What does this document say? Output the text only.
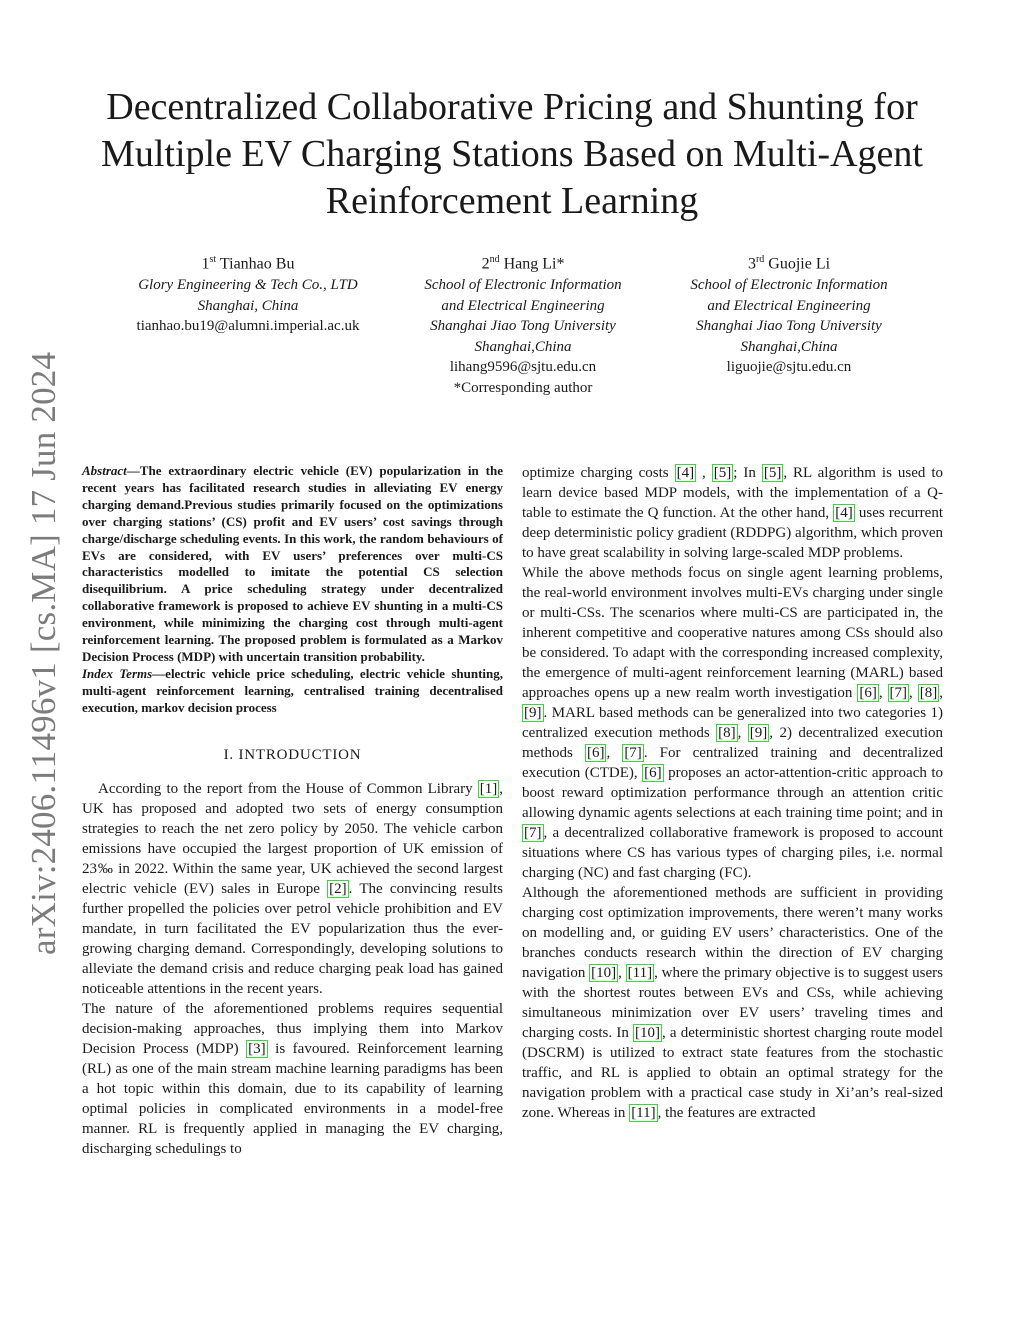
arXiv:2406.11496v1 [cs.MA] 17 Jun 2024
Decentralized Collaborative Pricing and Shunting for Multiple EV Charging Stations Based on Multi-Agent Reinforcement Learning
1st Tianhao Bu
Glory Engineering & Tech Co., LTD
Shanghai, China
tianhao.bu19@alumni.imperial.ac.uk
2nd Hang Li*
School of Electronic Information
and Electrical Engineering
Shanghai Jiao Tong University
Shanghai,China
lihang9596@sjtu.edu.cn
*Corresponding author
3rd Guojie Li
School of Electronic Information
and Electrical Engineering
Shanghai Jiao Tong University
Shanghai,China
liguojie@sjtu.edu.cn

Abstract—The extraordinary electric vehicle (EV) popularization in the recent years has facilitated research studies in alleviating EV energy charging demand.Previous studies primarily focused on the optimizations over charging stations’ (CS) profit and EV users’ cost savings through charge/discharge scheduling events. In this work, the random behaviours of EVs are considered, with EV users’ preferences over multi-CS characteristics modelled to imitate the potential CS selection disequilibrium. A price scheduling strategy under decentralized collaborative framework is proposed to achieve EV shunting in a multi-CS environment, while minimizing the charging cost through multi-agent reinforcement learning. The proposed problem is formulated as a Markov Decision Process (MDP) with uncertain transition probability.

Index Terms—electric vehicle price scheduling, electric vehicle shunting, multi-agent reinforcement learning, centralised training decentralised execution, markov decision process

I. INTRODUCTION

According to the report from the House of Common Library [1] , UK has proposed and adopted two sets of energy consumption strategies to reach the net zero policy by 2050. The vehicle carbon emissions have occupied the largest proportion of UK emission of 23‰ in 2022. Within the same year, UK achieved the second largest electric vehicle (EV) sales in Europe [2] . The convincing results further propelled the policies over petrol vehicle prohibition and EV mandate, in turn facilitated the EV popularization thus the ever-growing charging demand. Correspondingly, developing solutions to alleviate the demand crisis and reduce charging peak load has gained noticeable attentions in the recent years.

The nature of the aforementioned problems requires sequential decision-making approaches, thus implying them into Markov Decision Process (MDP) [3] is favoured. Reinforcement learning (RL) as one of the main stream machine learning paradigms has been a hot topic within this domain, due to its capability of learning optimal policies in complicated environments in a model-free manner. RL is frequently applied in managing the EV charging, discharging schedulings to

optimize charging costs [4] , [5] ; In [5] , RL algorithm is used to learn device based MDP models, with the implementation of a Q-table to estimate the Q function. At the other hand, [4] uses recurrent deep deterministic policy gradient (RDDPG) algorithm, which proven to have great scalability in solving large-scaled MDP problems.

While the above methods focus on single agent learning problems, the real-world environment involves multi-EVs charging under single or multi-CSs. The scenarios where multi-CS are participated in, the inherent competitive and cooperative natures among CSs should also be considered. To adapt with the corresponding increased complexity, the emergence of multi-agent reinforcement learning (MARL) based approaches opens up a new realm worth investigation [6] , [7] , [8] , [9] . MARL based methods can be generalized into two categories 1) centralized execution methods [8] , [9] , 2) decentralized execution methods [6] , [7] . For centralized training and decentralized execution (CTDE), [6] proposes an actor-attention-critic approach to boost reward optimization performance through an attention critic allowing dynamic agents selections at each training time point; and in [7] , a decentralized collaborative framework is proposed to account situations where CS has various types of charging piles, i.e. normal charging (NC) and fast charging (FC).

Although the aforementioned methods are sufficient in providing charging cost optimization improvements, there weren’t many works on modelling and, or guiding EV users’ characteristics. One of the branches conducts research within the direction of EV charging navigation [10] , [11] , where the primary objective is to suggest users with the shortest routes between EVs and CSs, while achieving simultaneous minimization over EV users’ traveling times and charging costs. In [10] , a deterministic shortest charging route model (DSCRM) is utilized to extract state features from the stochastic traffic, and RL is applied to obtain an optimal strategy for the navigation problem with a practical case study in Xi’an’s real-sized zone. Whereas in [11] , the features are extracted
